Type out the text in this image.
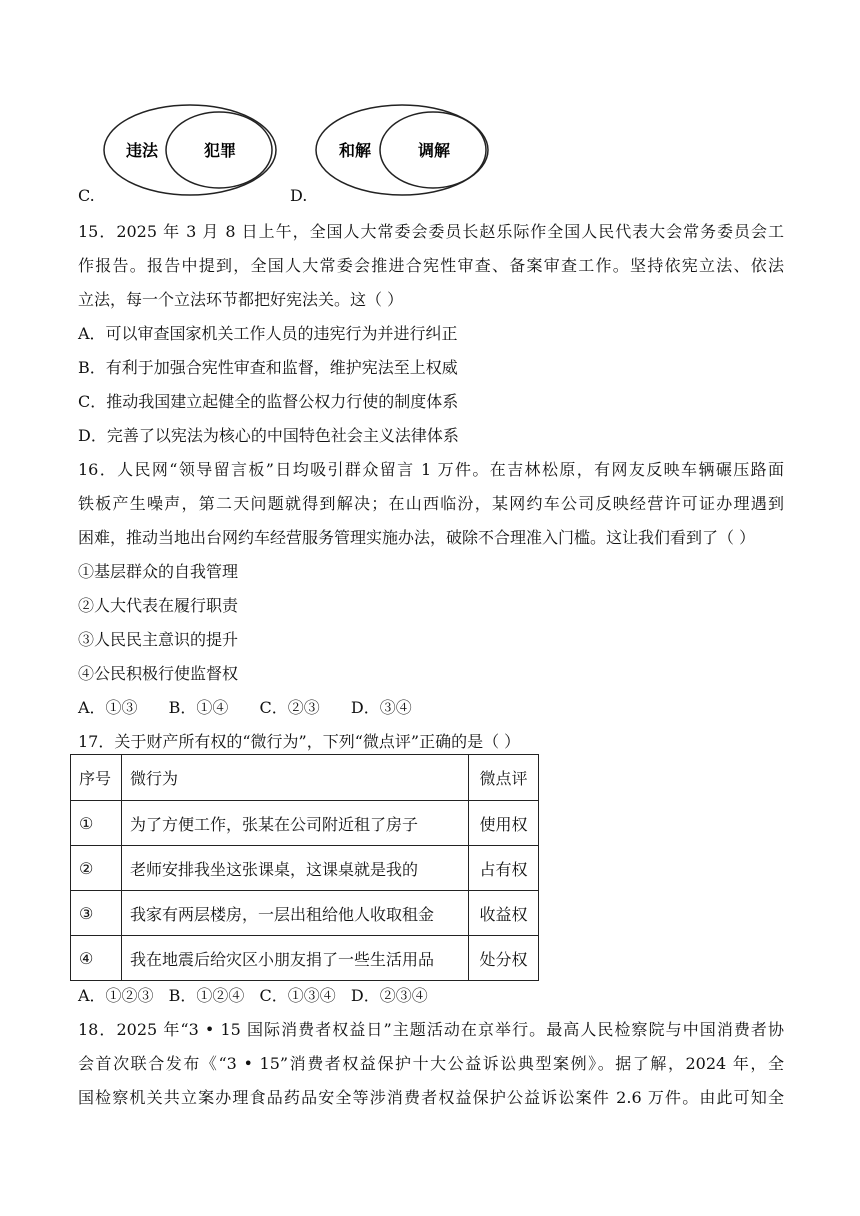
违法	犯罪	和解	调解
C.	D.
15．2025 年 3 月 8 日上午，全国人大常委会委员长赵乐际作全国人民代表大会常务委员会工
作报告。报告中提到，全国人大常委会推进合宪性审查、备案审查工作。坚持依宪立法、依法
立法，每一个立法环节都把好宪法关。这（ ）
A．可以审查国家机关工作人员的违宪行为并进行纠正
B．有利于加强合宪性审查和监督，维护宪法至上权威
C．推动我国建立起健全的监督公权力行使的制度体系
D．完善了以宪法为核心的中国特色社会主义法律体系
16．人民网“领导留言板”日均吸引群众留言 1 万件。在吉林松原，有网友反映车辆碾压路面
铁板产生噪声，第二天问题就得到解决；在山西临汾，某网约车公司反映经营许可证办理遇到
困难，推动当地出台网约车经营服务管理实施办法，破除不合理准入门槛。这让我们看到了（ ）
①基层群众的自我管理
②人大代表在履行职责
③人民民主意识的提升
④公民积极行使监督权
A．①③ B．①④ C．②③ D．③④
17．关于财产所有权的“微行为”，下列“微点评”正确的是（ ）
序号	微行为	微点评
①	为了方便工作，张某在公司附近租了房子	使用权
②	老师安排我坐这张课桌，这课桌就是我的	占有权
③	我家有两层楼房，一层出租给他人收取租金	收益权
④	我在地震后给灾区小朋友捐了一些生活用品	处分权
A．①②③ B．①②④ C．①③④ D．②③④
18．2025 年“3 • 15 国际消费者权益日”主题活动在京举行。最高人民检察院与中国消费者协
会首次联合发布《“3 • 15”消费者权益保护十大公益诉讼典型案例》。据了解，2024 年，全
国检察机关共立案办理食品药品安全等涉消费者权益保护公益诉讼案件 2.6 万件。由此可知全
